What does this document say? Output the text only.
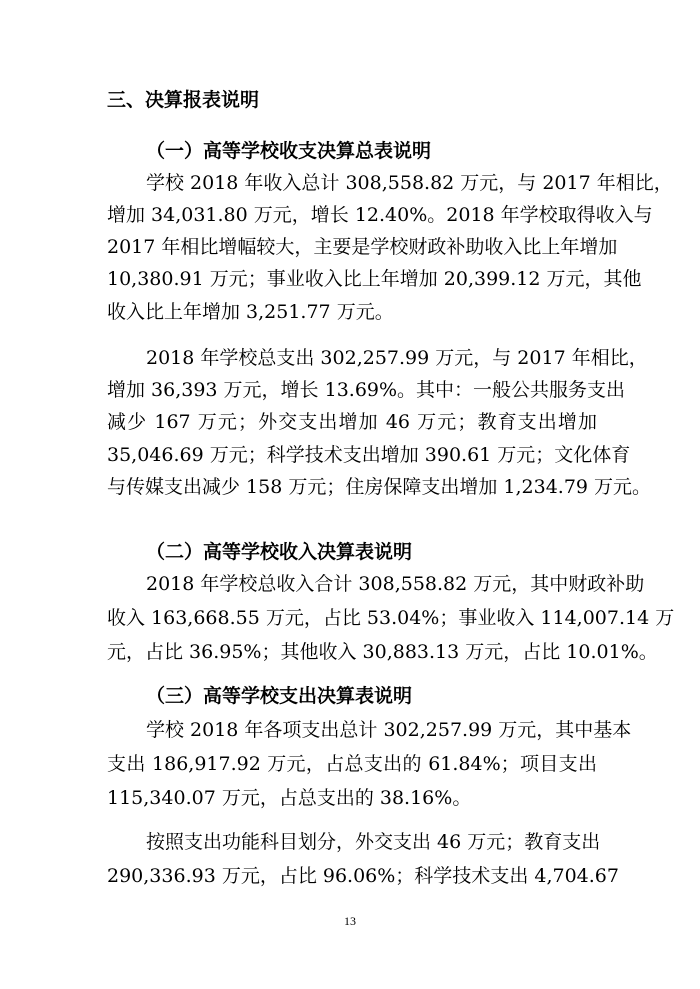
三、决算报表说明
（一）高等学校收支决算总表说明
学校 2018 年收入总计 308,558.82 万元，与 2017 年相比，
增加 34,031.80 万元，增长 12.40%。2018 年学校取得收入与
2017 年相比增幅较大，主要是学校财政补助收入比上年增加
10,380.91 万元；事业收入比上年增加 20,399.12 万元，其他
收入比上年增加 3,251.77 万元。
2018 年学校总支出 302,257.99 万元，与 2017 年相比，
增加 36,393 万元，增长 13.69%。其中：一般公共服务支出
减少 167 万元；外交支出增加 46 万元；教育支出增加
35,046.69 万元；科学技术支出增加 390.61 万元；文化体育
与传媒支出减少 158 万元；住房保障支出增加 1,234.79 万元。
（二）高等学校收入决算表说明
2018 年学校总收入合计 308,558.82 万元，其中财政补助
收入 163,668.55 万元，占比 53.04%；事业收入 114,007.14 万
元，占比 36.95%；其他收入 30,883.13 万元，占比 10.01%。
（三）高等学校支出决算表说明
学校 2018 年各项支出总计 302,257.99 万元，其中基本
支出 186,917.92 万元，占总支出的 61.84%；项目支出
115,340.07 万元，占总支出的 38.16%。
按照支出功能科目划分，外交支出 46 万元；教育支出
290,336.93 万元，占比 96.06%；科学技术支出 4,704.67
13
